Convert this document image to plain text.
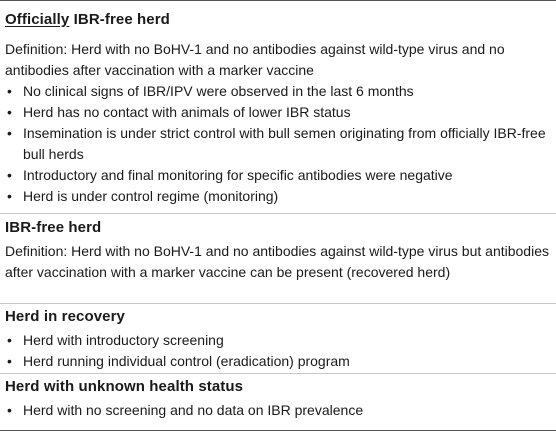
Officially IBR-free herd

Definition: Herd with no BoHV-1 and no antibodies against wild-type virus and no antibodies after vaccination with a marker vaccine

• No clinical signs of IBR/IPV were observed in the last 6 months
• Herd has no contact with animals of lower IBR status
• Insemination is under strict control with bull semen originating from officially IBR-free bull herds
• Introductory and final monitoring for specific antibodies were negative
• Herd is under control regime (monitoring)

IBR-free herd

Definition: Herd with no BoHV-1 and no antibodies against wild-type virus but antibodies after vaccination with a marker vaccine can be present (recovered herd)

Herd in recovery

• Herd with introductory screening
• Herd running individual control (eradication) program

Herd with unknown health status

• Herd with no screening and no data on IBR prevalence
